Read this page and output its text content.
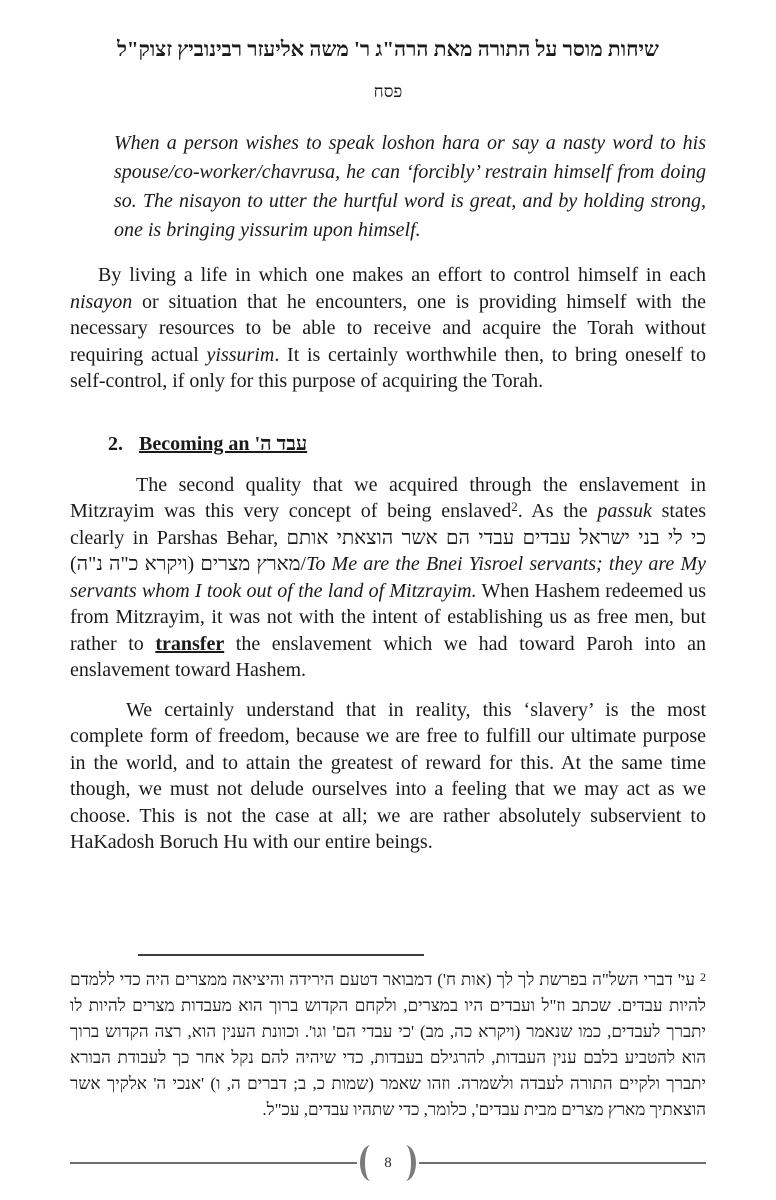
שיחות מוסר על התורה מאת הרה"ג ר' משה אליעזר רבינוביץ זצוק"ל
פסח
When a person wishes to speak loshon hara or say a nasty word to his spouse/co-worker/chavrusa, he can ‘forcibly’ restrain himself from doing so. The nisayon to utter the hurtful word is great, and by holding strong, one is bringing yissurim upon himself.
By living a life in which one makes an effort to control himself in each nisayon or situation that he encounters, one is providing himself with the necessary resources to be able to receive and acquire the Torah without requiring actual yissurim. It is certainly worthwhile then, to bring oneself to self-control, if only for this purpose of acquiring the Torah.
2. Becoming an עבד ה'
The second quality that we acquired through the enslavement in Mitzrayim was this very concept of being enslaved$^2$. As the passuk states clearly in Parshas Behar, כי לי בני ישראל עבדים עבדי הם אשר הוצאתי אותם מארץ מצרים (ויקרא כ"ה נ"ה)/To Me are the Bnei Yisroel servants; they are My servants whom I took out of the land of Mitzrayim. When Hashem redeemed us from Mitzrayim, it was not with the intent of establishing us as free men, but rather to transfer the enslavement which we had toward Paroh into an enslavement toward Hashem.
We certainly understand that in reality, this ‘slavery’ is the most complete form of freedom, because we are free to fulfill our ultimate purpose in the world, and to attain the greatest of reward for this. At the same time though, we must not delude ourselves into a feeling that we may act as we choose. This is not the case at all; we are rather absolutely subservient to HaKadosh Boruch Hu with our entire beings.
$^2$ עי' דברי השל"ה בפרשת לך לך (אות ח') דמבואר דטעם הירידה והיציאה ממצרים היה כדי ללמדם להיות עבדים. שכתב וז"ל ועבדים היו במצרים, ולקחם הקדוש ברוך הוא מעבדות מצרים להיות לו יתברך לעבדים, כמו שנאמר (ויקרא כה, מב) 'כי עבדי הם' וגו'. וכוונת הענין הוא, רצה הקדוש ברוך הוא להטביע בלבם ענין העבדות, להרגילם בעבדות, כדי שיהיה להם נקל אחר כך לעבודת הבורא יתברך ולקיים התורה לעבדה ולשמרה. וזהו שאמר (שמות כ, ב; דברים ה, ו) 'אנכי ה' אלקיך אשר הוצאתיך מארץ מצרים מבית עבדים', כלומר, כדי שתהיו עבדים, עכ"ל.
8
